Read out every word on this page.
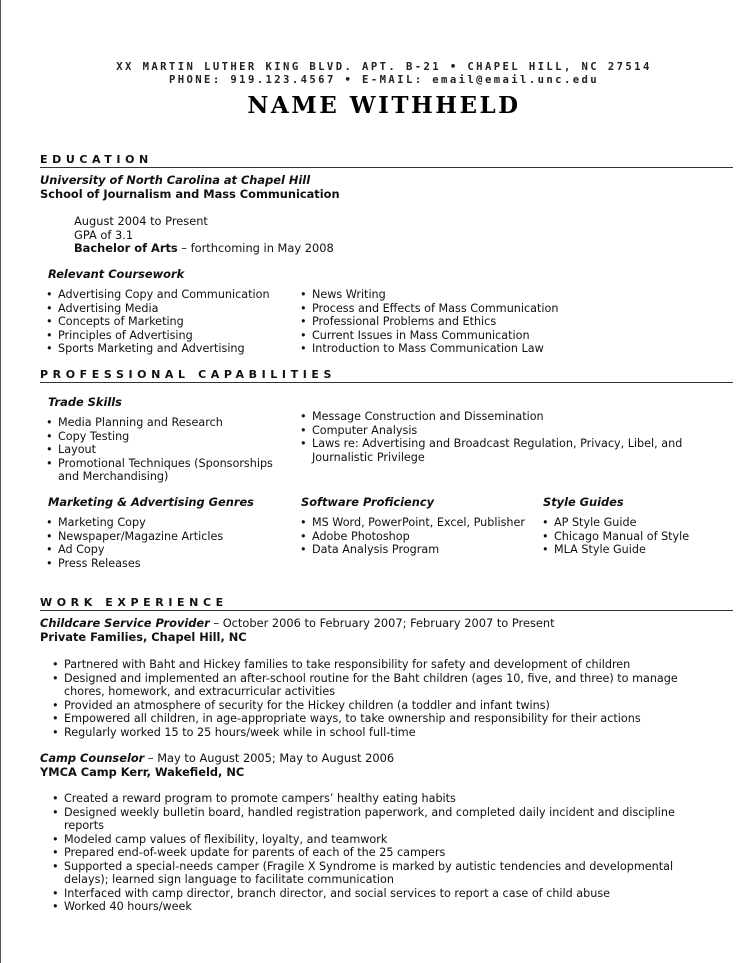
XX MARTIN LUTHER KING BLVD. APT. B-21 • CHAPEL HILL, NC 27514
PHONE: 919.123.4567 • E-MAIL: email@email.unc.edu
NAME WITHHELD
EDUCATION
University of North Carolina at Chapel Hill
School of Journalism and Mass Communication
August 2004 to Present
GPA of 3.1
Bachelor of Arts – forthcoming in May 2008
Relevant Coursework
• Advertising Copy and Communication
• Advertising Media
• Concepts of Marketing
• Principles of Advertising
• Sports Marketing and Advertising
• News Writing
• Process and Effects of Mass Communication
• Professional Problems and Ethics
• Current Issues in Mass Communication
• Introduction to Mass Communication Law
PROFESSIONAL CAPABILITIES
Trade Skills
• Media Planning and Research
• Copy Testing
• Layout
• Promotional Techniques (Sponsorships and Merchandising)
• Message Construction and Dissemination
• Computer Analysis
• Laws re: Advertising and Broadcast Regulation, Privacy, Libel, and Journalistic Privilege
Marketing & Advertising Genres
• Marketing Copy
• Newspaper/Magazine Articles
• Ad Copy
• Press Releases
Software Proficiency
• MS Word, PowerPoint, Excel, Publisher
• Adobe Photoshop
• Data Analysis Program
Style Guides
• AP Style Guide
• Chicago Manual of Style
• MLA Style Guide
WORK EXPERIENCE
Childcare Service Provider – October 2006 to February 2007; February 2007 to Present
Private Families, Chapel Hill, NC
• Partnered with Baht and Hickey families to take responsibility for safety and development of children
• Designed and implemented an after-school routine for the Baht children (ages 10, five, and three) to manage chores, homework, and extracurricular activities
• Provided an atmosphere of security for the Hickey children (a toddler and infant twins)
• Empowered all children, in age-appropriate ways, to take ownership and responsibility for their actions
• Regularly worked 15 to 25 hours/week while in school full-time
Camp Counselor – May to August 2005; May to August 2006
YMCA Camp Kerr, Wakefield, NC
• Created a reward program to promote campers’ healthy eating habits
• Designed weekly bulletin board, handled registration paperwork, and completed daily incident and discipline reports
• Modeled camp values of flexibility, loyalty, and teamwork
• Prepared end-of-week update for parents of each of the 25 campers
• Supported a special-needs camper (Fragile X Syndrome is marked by autistic tendencies and developmental delays); learned sign language to facilitate communication
• Interfaced with camp director, branch director, and social services to report a case of child abuse
• Worked 40 hours/week
